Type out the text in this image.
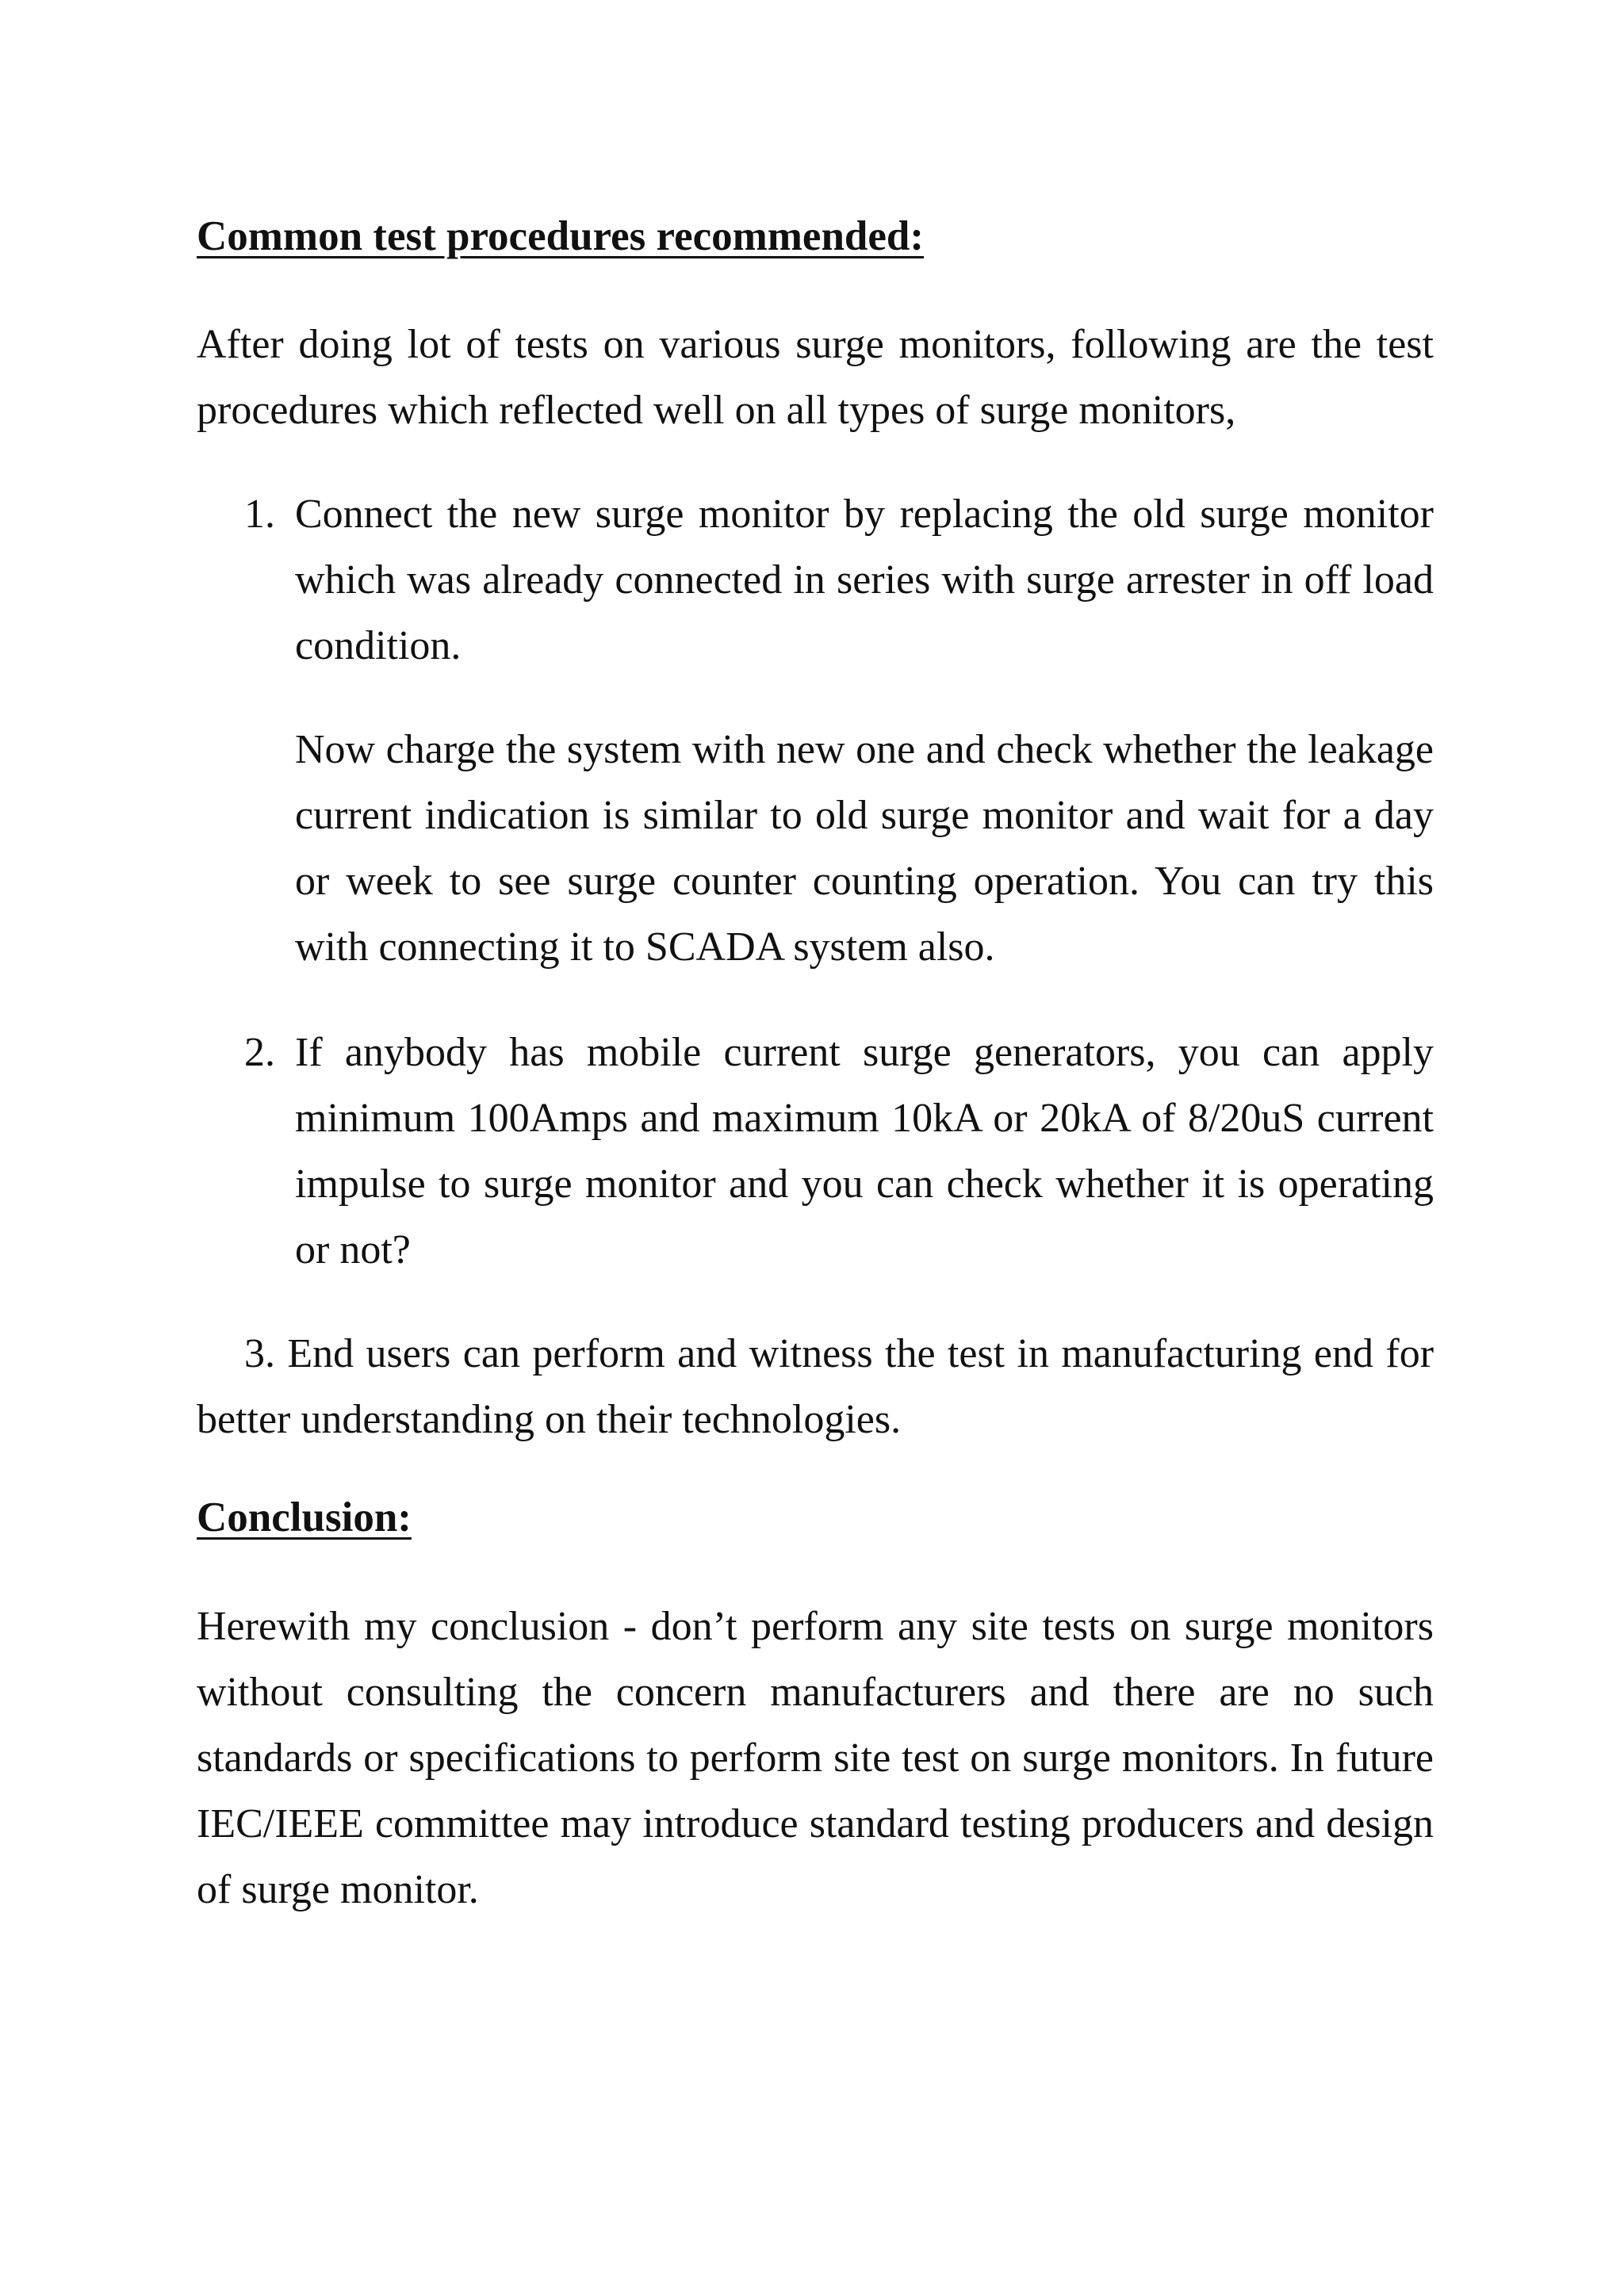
Common test procedures recommended:

After doing lot of tests on various surge monitors, following are the test procedures which reflected well on all types of surge monitors,

1. Connect the new surge monitor by replacing the old surge monitor which was already connected in series with surge arrester in off load condition.

Now charge the system with new one and check whether the leakage current indication is similar to old surge monitor and wait for a day or week to see surge counter counting operation. You can try this with connecting it to SCADA system also.

2. If anybody has mobile current surge generators, you can apply minimum 100Amps and maximum 10kA or 20kA of 8/20uS current impulse to surge monitor and you can check whether it is operating or not?

3. End users can perform and witness the test in manufacturing end for better understanding on their technologies.

Conclusion:

Herewith my conclusion - don’t perform any site tests on surge monitors without consulting the concern manufacturers and there are no such standards or specifications to perform site test on surge monitors. In future IEC/IEEE committee may introduce standard testing producers and design of surge monitor.
